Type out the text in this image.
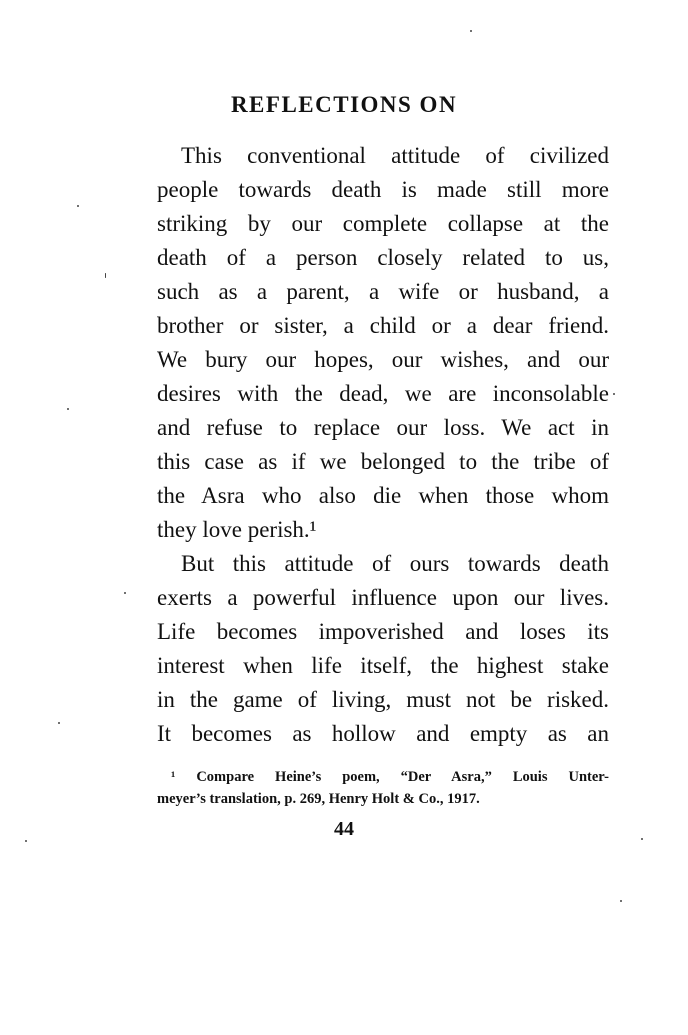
REFLECTIONS ON
This conventional attitude of civilized
people towards death is made still more
striking by our complete collapse at the
death of a person closely related to us,
such as a parent, a wife or husband, a
brother or sister, a child or a dear friend.
We bury our hopes, our wishes, and our
desires with the dead, we are inconsolable
and refuse to replace our loss. We act in
this case as if we belonged to the tribe of
the Asra who also die when those whom
they love perish.¹
But this attitude of ours towards death
exerts a powerful influence upon our lives.
Life becomes impoverished and loses its
interest when life itself, the highest stake
in the game of living, must not be risked.
It becomes as hollow and empty as an
¹ Compare Heine’s poem, “Der Asra,” Louis Unter-
meyer’s translation, p. 269, Henry Holt & Co., 1917.
44
